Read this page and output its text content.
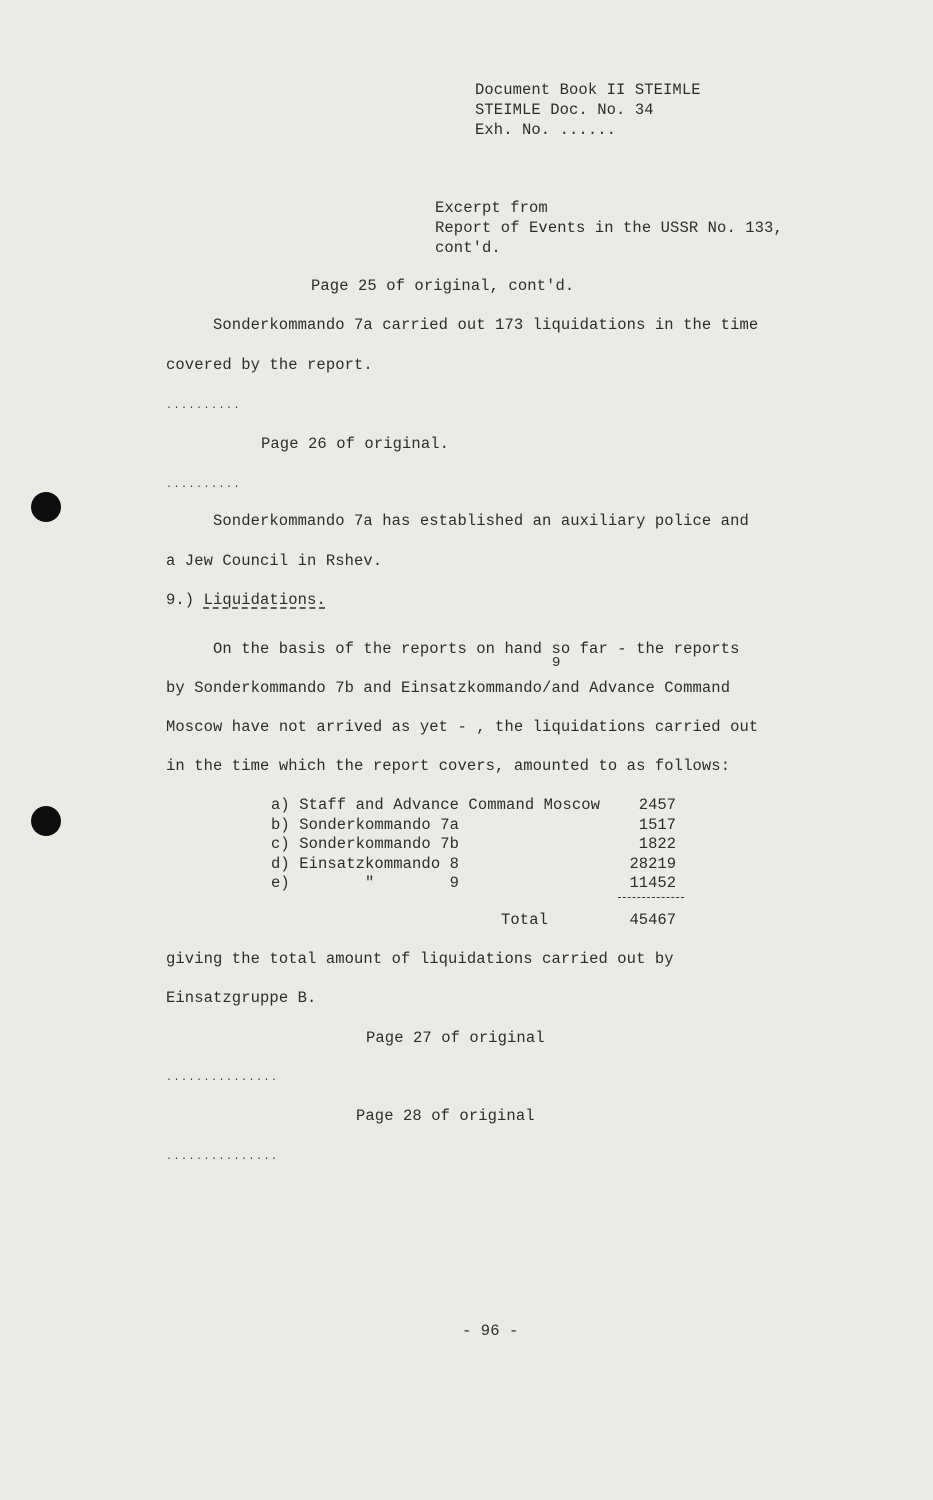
Document Book II STEIMLE
STEIMLE Doc. No. 34
Exh. No. ......
Excerpt from
Report of Events in the USSR No. 133,
cont'd.
Page 25 of original, cont'd.
Sonderkommando 7a carried out 173 liquidations in the time
covered by the report.
..........
Page 26 of original.
..........
Sonderkommando 7a has established an auxiliary police and
a Jew Council in Rshev.
9.) Liquidations.
On the basis of the reports on hand so far - the reports
9
by Sonderkommando 7b and Einsatzkommando/and Advance Command
Moscow have not arrived as yet - , the liquidations carried out
in the time which the report covers, amounted to as follows:
a) Staff and Advance Command Moscow	2457
b) Sonderkommando 7a	1517
c) Sonderkommando 7b	1822
d) Einsatzkommando 8	28219
e)        "        9	11452
Total	45467
giving the total amount of liquidations carried out by
Einsatzgruppe B.
Page 27 of original
...............
Page 28 of original
...............
- 96 -
